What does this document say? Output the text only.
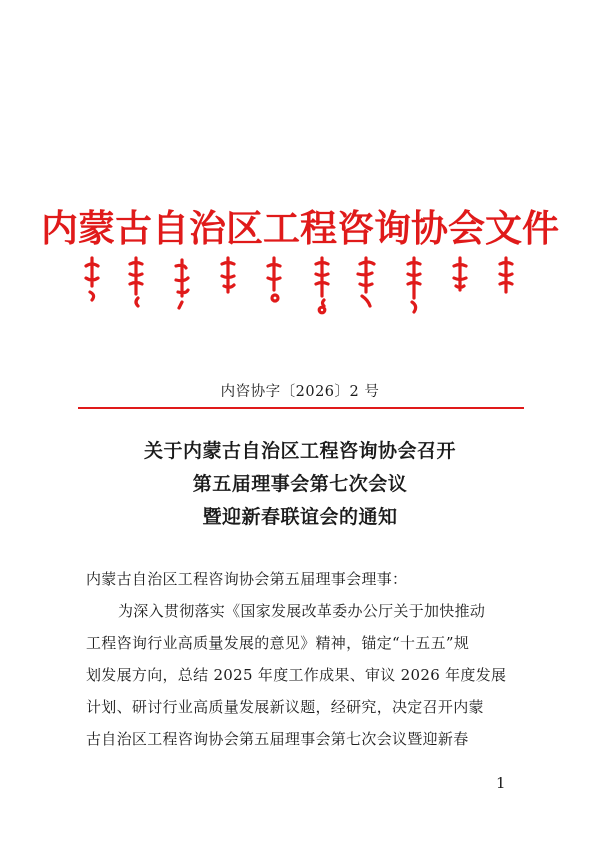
内蒙古自治区工程咨询协会文件
内咨协字〔2026〕2 号
关于内蒙古自治区工程咨询协会召开
第五届理事会第七次会议
暨迎新春联谊会的通知
内蒙古自治区工程咨询协会第五届理事会理事：
为深入贯彻落实《国家发展改革委办公厅关于加快推动
工程咨询行业高质量发展的意见》精神，锚定“十五五”规
划发展方向，总结 2025 年度工作成果、审议 2026 年度发展
计划、研讨行业高质量发展新议题，经研究，决定召开内蒙
古自治区工程咨询协会第五届理事会第七次会议暨迎新春
1
